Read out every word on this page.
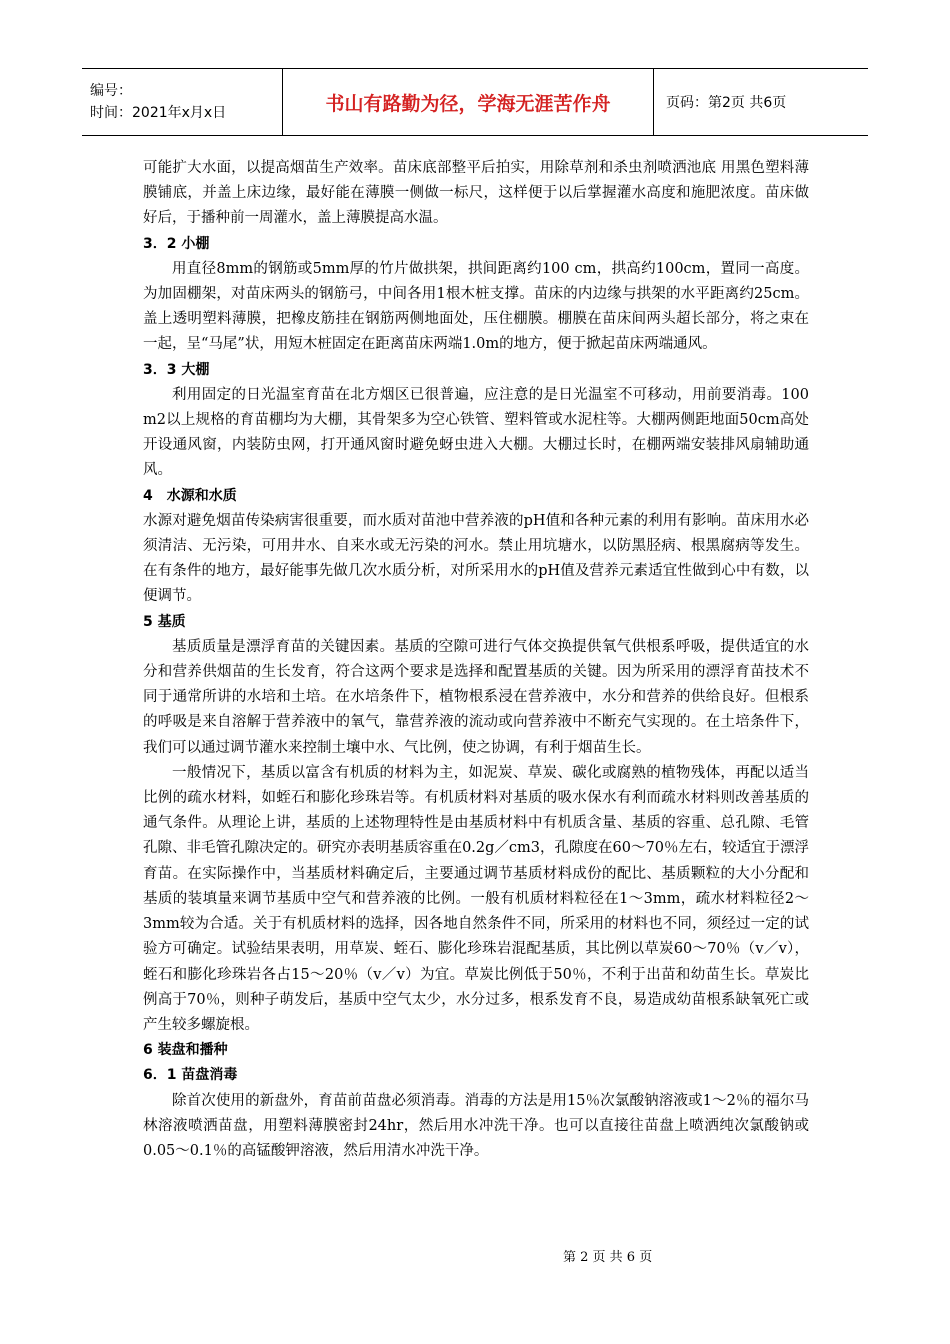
编号：
时间：2021年x月x日	书山有路勤为径，学海无涯苦作舟	页码：第2页 共6页

可能扩大水面，以提高烟苗生产效率。苗床底部整平后拍实，用除草剂和杀虫剂喷洒池底 用黑色塑料薄膜铺底，并盖上床边缘，最好能在薄膜一侧做一标尺，这样便于以后掌握灌水高度和施肥浓度。苗床做好后，于播种前一周灌水，盖上薄膜提高水温。

3．2 小棚

用直径8mm的钢筋或5mm厚的竹片做拱架，拱间距离约100 cm，拱高约100cm，置同一高度。为加固棚架，对苗床两头的钢筋弓，中间各用1根木桩支撑。苗床的内边缘与拱架的水平距离约25cm。盖上透明塑料薄膜，把橡皮筋挂在钢筋两侧地面处，压住棚膜。棚膜在苗床间两头超长部分，将之束在一起，呈“马尾”状，用短木桩固定在距离苗床两端1.0m的地方，便于掀起苗床两端通风。

3．3 大棚

利用固定的日光温室育苗在北方烟区已很普遍，应注意的是日光温室不可移动，用前要消毒。100 m2以上规格的育苗棚均为大棚，其骨架多为空心铁管、塑料管或水泥柱等。大棚两侧距地面50cm高处开设通风窗，内装防虫网，打开通风窗时避免蚜虫进入大棚。大棚过长时，在棚两端安装排风扇辅助通风。

4　水源和水质

水源对避免烟苗传染病害很重要，而水质对苗池中营养液的pH值和各种元素的利用有影响。苗床用水必须清洁、无污染，可用井水、自来水或无污染的河水。禁止用坑塘水，以防黑胫病、根黑腐病等发生。在有条件的地方，最好能事先做几次水质分析，对所采用水的pH值及营养元素适宜性做到心中有数，以便调节。

5 基质

基质质量是漂浮育苗的关键因素。基质的空隙可进行气体交换提供氧气供根系呼吸，提供适宜的水分和营养供烟苗的生长发育，符合这两个要求是选择和配置基质的关键。因为所采用的漂浮育苗技术不同于通常所讲的水培和土培。在水培条件下，植物根系浸在营养液中，水分和营养的供给良好。但根系的呼吸是来自溶解于营养液中的氧气，靠营养液的流动或向营养液中不断充气实现的。在土培条件下，我们可以通过调节灌水来控制土壤中水、气比例，使之协调，有利于烟苗生长。

一般情况下，基质以富含有机质的材料为主，如泥炭、草炭、碳化或腐熟的植物残体，再配以适当比例的疏水材料，如蛭石和膨化珍珠岩等。有机质材料对基质的吸水保水有利而疏水材料则改善基质的通气条件。从理论上讲，基质的上述物理特性是由基质材料中有机质含量、基质的容重、总孔隙、毛管孔隙、非毛管孔隙决定的。研究亦表明基质容重在0.2g／cm3，孔隙度在60～70％左右，较适宜于漂浮育苗。在实际操作中，当基质材料确定后，主要通过调节基质材料成份的配比、基质颗粒的大小分配和基质的装填量来调节基质中空气和营养液的比例。一般有机质材料粒径在1～3mm，疏水材料粒径2～3mm较为合适。关于有机质材料的选择，因各地自然条件不同，所采用的材料也不同，须经过一定的试验方可确定。试验结果表明，用草炭、蛭石、膨化珍珠岩混配基质，其比例以草炭60～70％（v／v），蛭石和膨化珍珠岩各占15～20％（v／v）为宜。草炭比例低于50％，不利于出苗和幼苗生长。草炭比例高于70％，则种子萌发后，基质中空气太少，水分过多，根系发育不良，易造成幼苗根系缺氧死亡或产生较多螺旋根。

6 装盘和播种

6．1 苗盘消毒

除首次使用的新盘外，育苗前苗盘必须消毒。消毒的方法是用15％次氯酸钠溶液或1～2％的福尔马林溶液喷洒苗盘，用塑料薄膜密封24hr，然后用水冲洗干净。也可以直接往苗盘上喷洒纯次氯酸钠或0.05～0.1％的高锰酸钾溶液，然后用清水冲洗干净。

第 2 页 共 6 页
